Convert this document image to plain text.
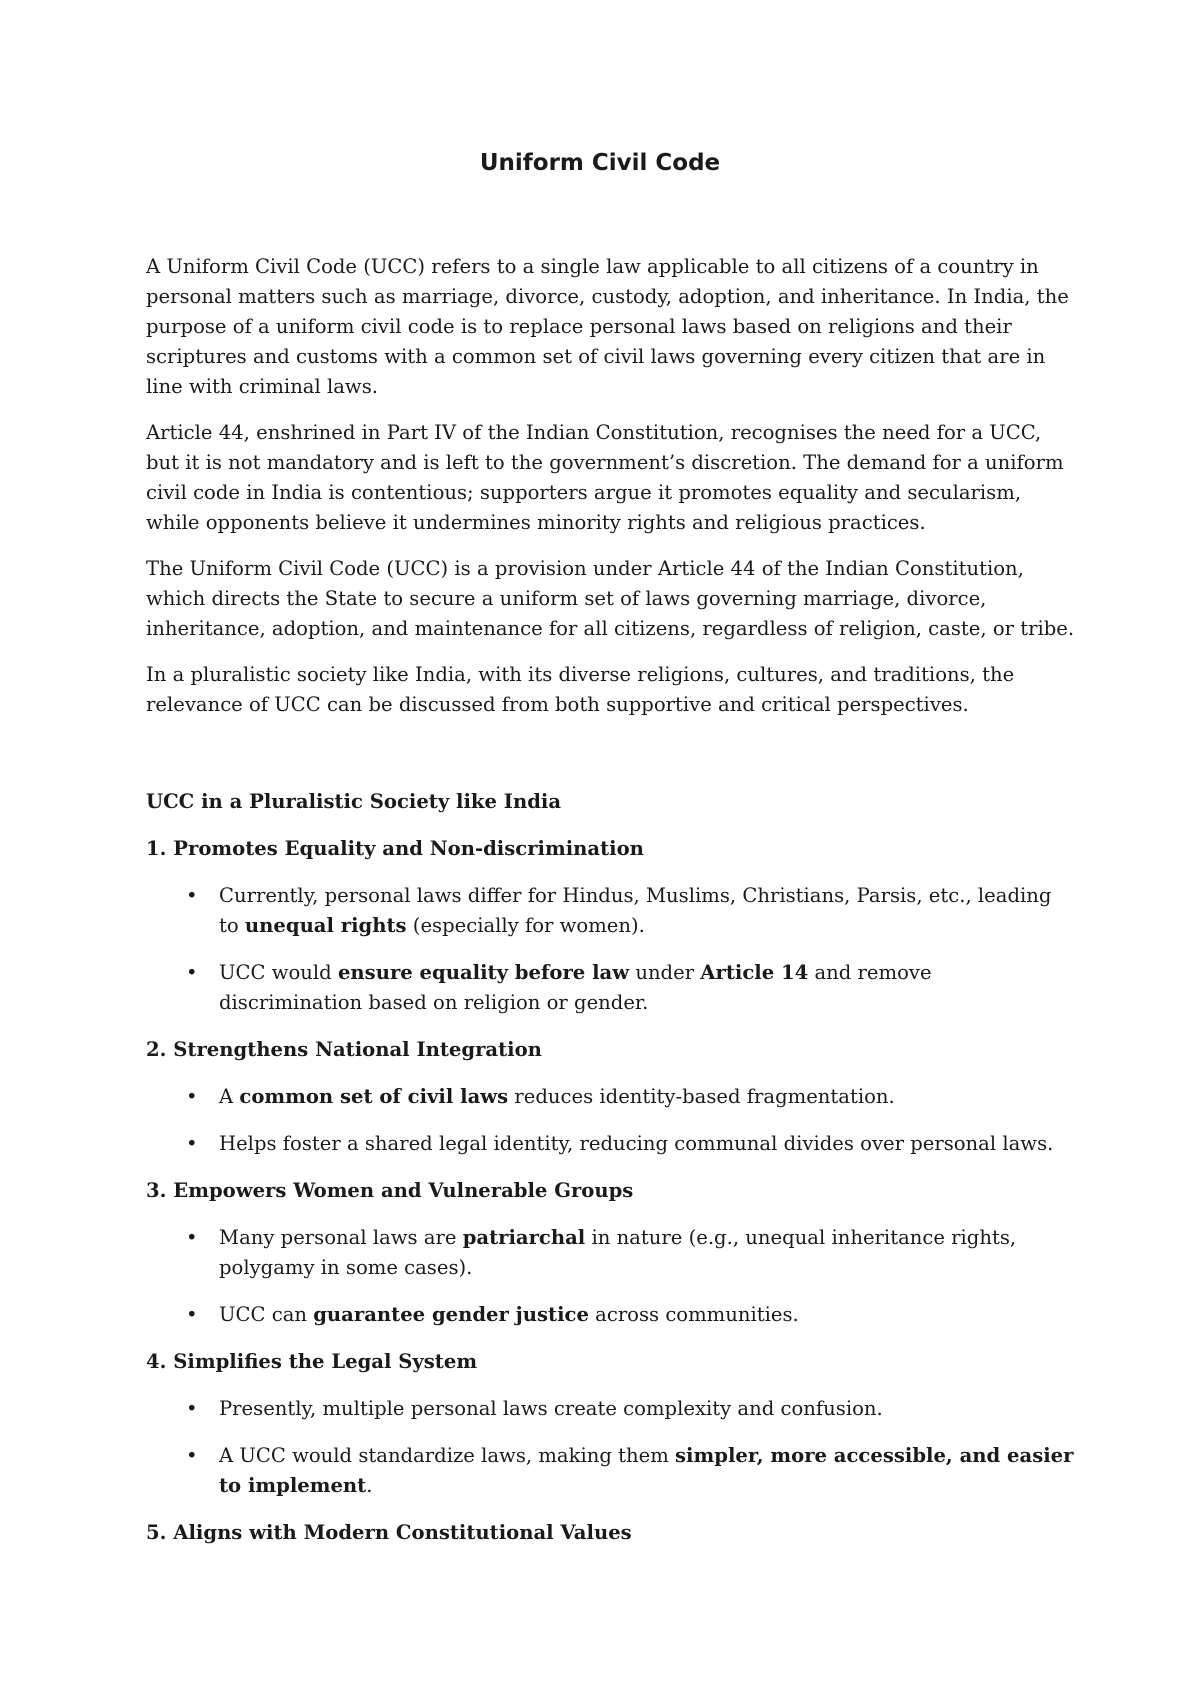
Uniform Civil Code

A Uniform Civil Code (UCC) refers to a single law applicable to all citizens of a country in personal matters such as marriage, divorce, custody, adoption, and inheritance. In India, the purpose of a uniform civil code is to replace personal laws based on religions and their scriptures and customs with a common set of civil laws governing every citizen that are in line with criminal laws.

Article 44, enshrined in Part IV of the Indian Constitution, recognises the need for a UCC, but it is not mandatory and is left to the government’s discretion. The demand for a uniform civil code in India is contentious; supporters argue it promotes equality and secularism, while opponents believe it undermines minority rights and religious practices.

The Uniform Civil Code (UCC) is a provision under Article 44 of the Indian Constitution, which directs the State to secure a uniform set of laws governing marriage, divorce, inheritance, adoption, and maintenance for all citizens, regardless of religion, caste, or tribe.

In a pluralistic society like India, with its diverse religions, cultures, and traditions, the relevance of UCC can be discussed from both supportive and critical perspectives.

UCC in a Pluralistic Society like India
1. Promotes Equality and Non-discrimination
• Currently, personal laws differ for Hindus, Muslims, Christians, Parsis, etc., leading to unequal rights (especially for women).
• UCC would ensure equality before law under Article 14 and remove discrimination based on religion or gender.
2. Strengthens National Integration
• A common set of civil laws reduces identity-based fragmentation.
• Helps foster a shared legal identity, reducing communal divides over personal laws.
3. Empowers Women and Vulnerable Groups
• Many personal laws are patriarchal in nature (e.g., unequal inheritance rights, polygamy in some cases).
• UCC can guarantee gender justice across communities.
4. Simplifies the Legal System
• Presently, multiple personal laws create complexity and confusion.
• A UCC would standardize laws, making them simpler, more accessible, and easier to implement.
5. Aligns with Modern Constitutional Values
